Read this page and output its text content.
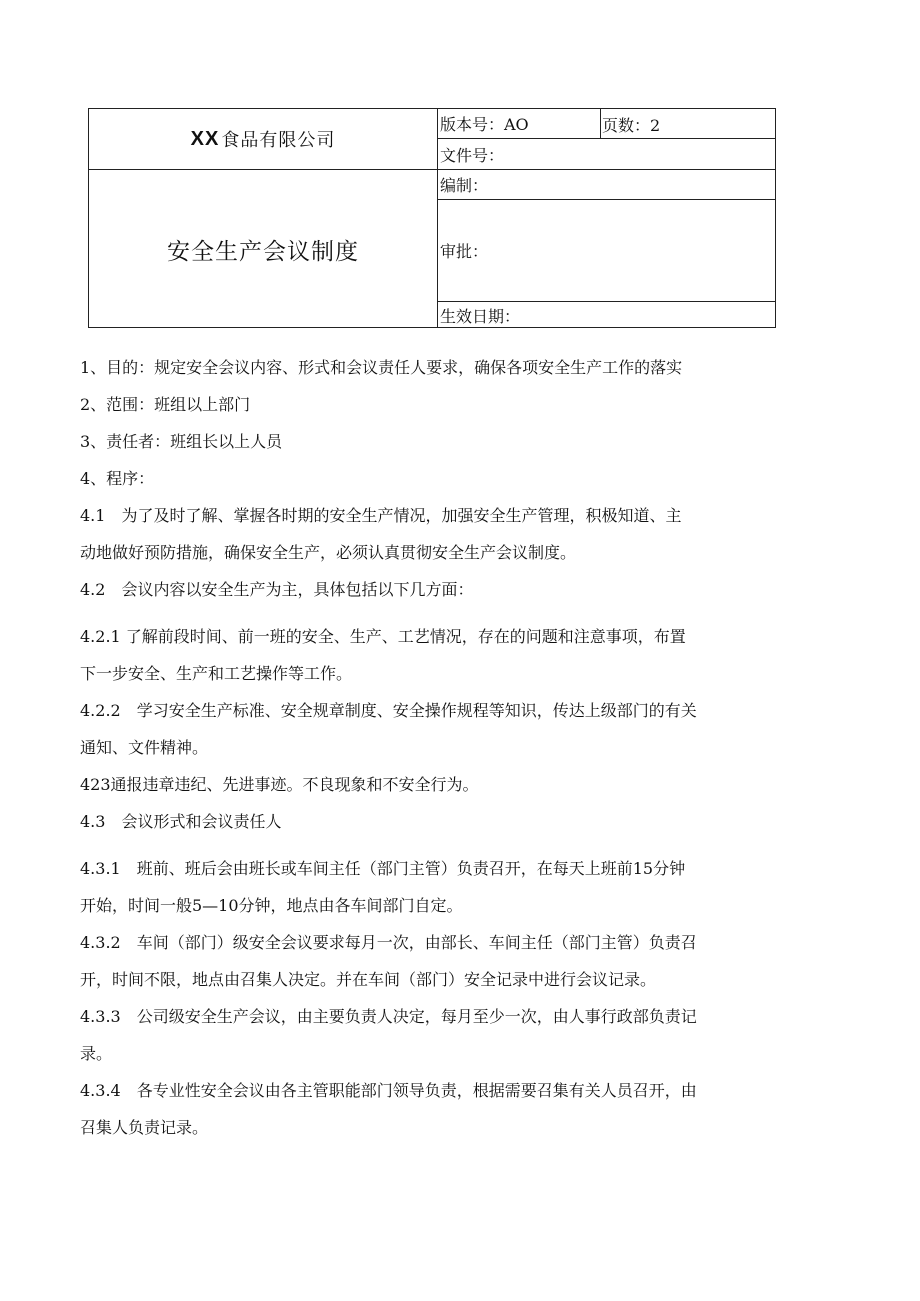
XX 食品有限公司
安全生产会议制度
版本号：AO	页数：2
文件号：
编制：
审批：
生效日期：

1、目的：规定安全会议内容、形式和会议责任人要求，确保各项安全生产工作的落实

2、范围：班组以上部门

3、责任者：班组长以上人员

4、程序：

4.1　为了及时了解、掌握各时期的安全生产情况，加强安全生产管理，积极知道、主

动地做好预防措施，确保安全生产，必须认真贯彻安全生产会议制度。

4.2　会议内容以安全生产为主，具体包括以下几方面：

4.2.1 了解前段时间、前一班的安全、生产、工艺情况，存在的问题和注意事项，布置

下一步安全、生产和工艺操作等工作。

4.2.2　学习安全生产标准、安全规章制度、安全操作规程等知识，传达上级部门的有关

通知、文件精神。

423通报违章违纪、先进事迹。不良现象和不安全行为。

4.3　会议形式和会议责任人

4.3.1　班前、班后会由班长或车间主任（部门主管）负责召开，在每天上班前15分钟

开始，时间一般5—10分钟，地点由各车间部门自定。

4.3.2　车间（部门）级安全会议要求每月一次，由部长、车间主任（部门主管）负责召

开，时间不限，地点由召集人决定。并在车间（部门）安全记录中进行会议记录。

4.3.3　公司级安全生产会议，由主要负责人决定，每月至少一次，由人事行政部负责记

录。

4.3.4　各专业性安全会议由各主管职能部门领导负责，根据需要召集有关人员召开，由

召集人负责记录。
